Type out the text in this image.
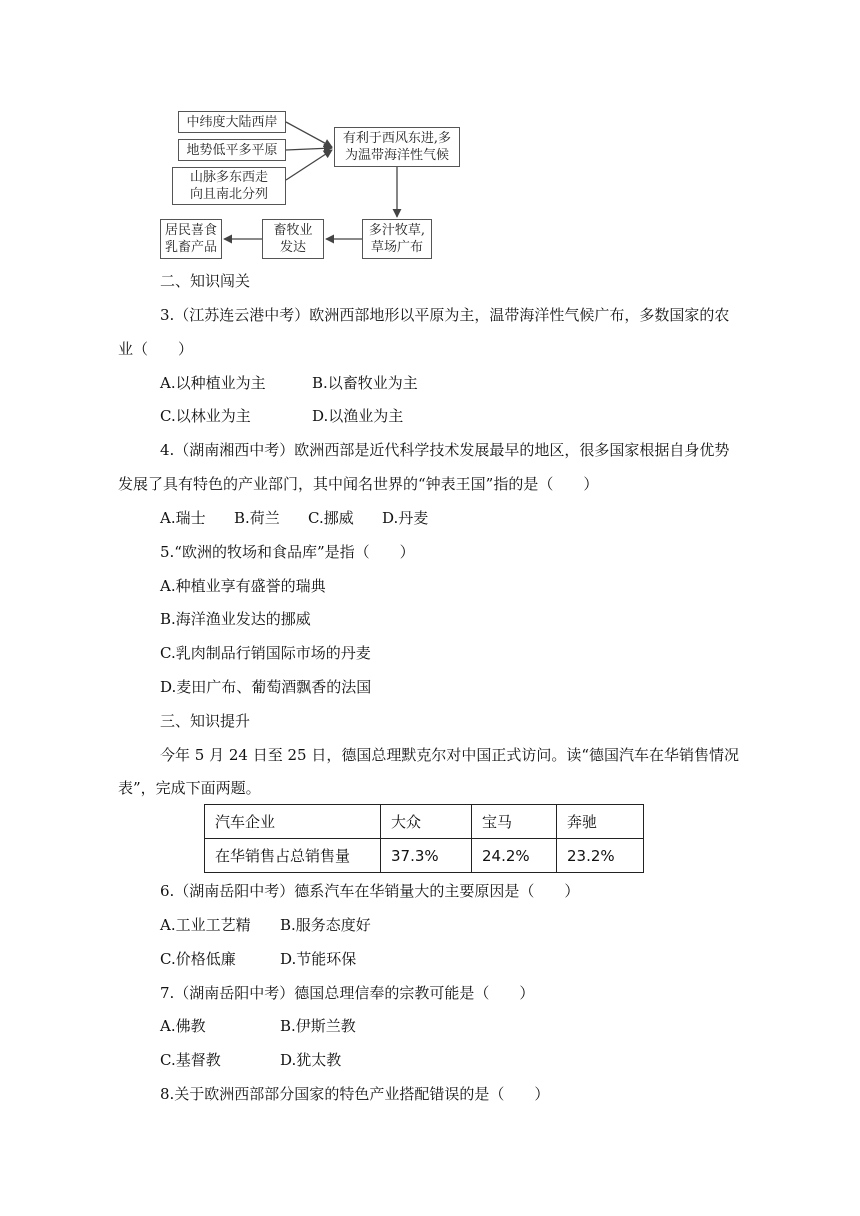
中纬度大陆西岸
地势低平多平原
山脉多东西走
向且南北分列
有利于西风东进,多
为温带海洋性气候
多汁牧草,
草场广布
畜牧业
发达
居民喜食
乳畜产品
二、知识闯关
3.（江苏连云港中考）欧洲西部地形以平原为主，温带海洋性气候广布，多数国家的农
业（　　）
A.以种植业为主	B.以畜牧业为主
C.以林业为主	D.以渔业为主
4.（湖南湘西中考）欧洲西部是近代科学技术发展最早的地区，很多国家根据自身优势
发展了具有特色的产业部门，其中闻名世界的“钟表王国”指的是（　　）
A.瑞士 B.荷兰 C.挪威 D.丹麦
5.“欧洲的牧场和食品库”是指（　　）
A.种植业享有盛誉的瑞典
B.海洋渔业发达的挪威
C.乳肉制品行销国际市场的丹麦
D.麦田广布、葡萄酒飘香的法国
三、知识提升
今年 5 月 24 日至 25 日，德国总理默克尔对中国正式访问。读“德国汽车在华销售情况
表”，完成下面两题。
汽车企业	大众	宝马	奔驰
在华销售占总销售量	37.3%	24.2%	23.2%
6.（湖南岳阳中考）德系汽车在华销量大的主要原因是（　　）
A.工业工艺精 B.服务态度好
C.价格低廉	D.节能环保
7.（湖南岳阳中考）德国总理信奉的宗教可能是（　　）
A.佛教	B.伊斯兰教
C.基督教	D.犹太教
8.关于欧洲西部部分国家的特色产业搭配错误的是（　　）
